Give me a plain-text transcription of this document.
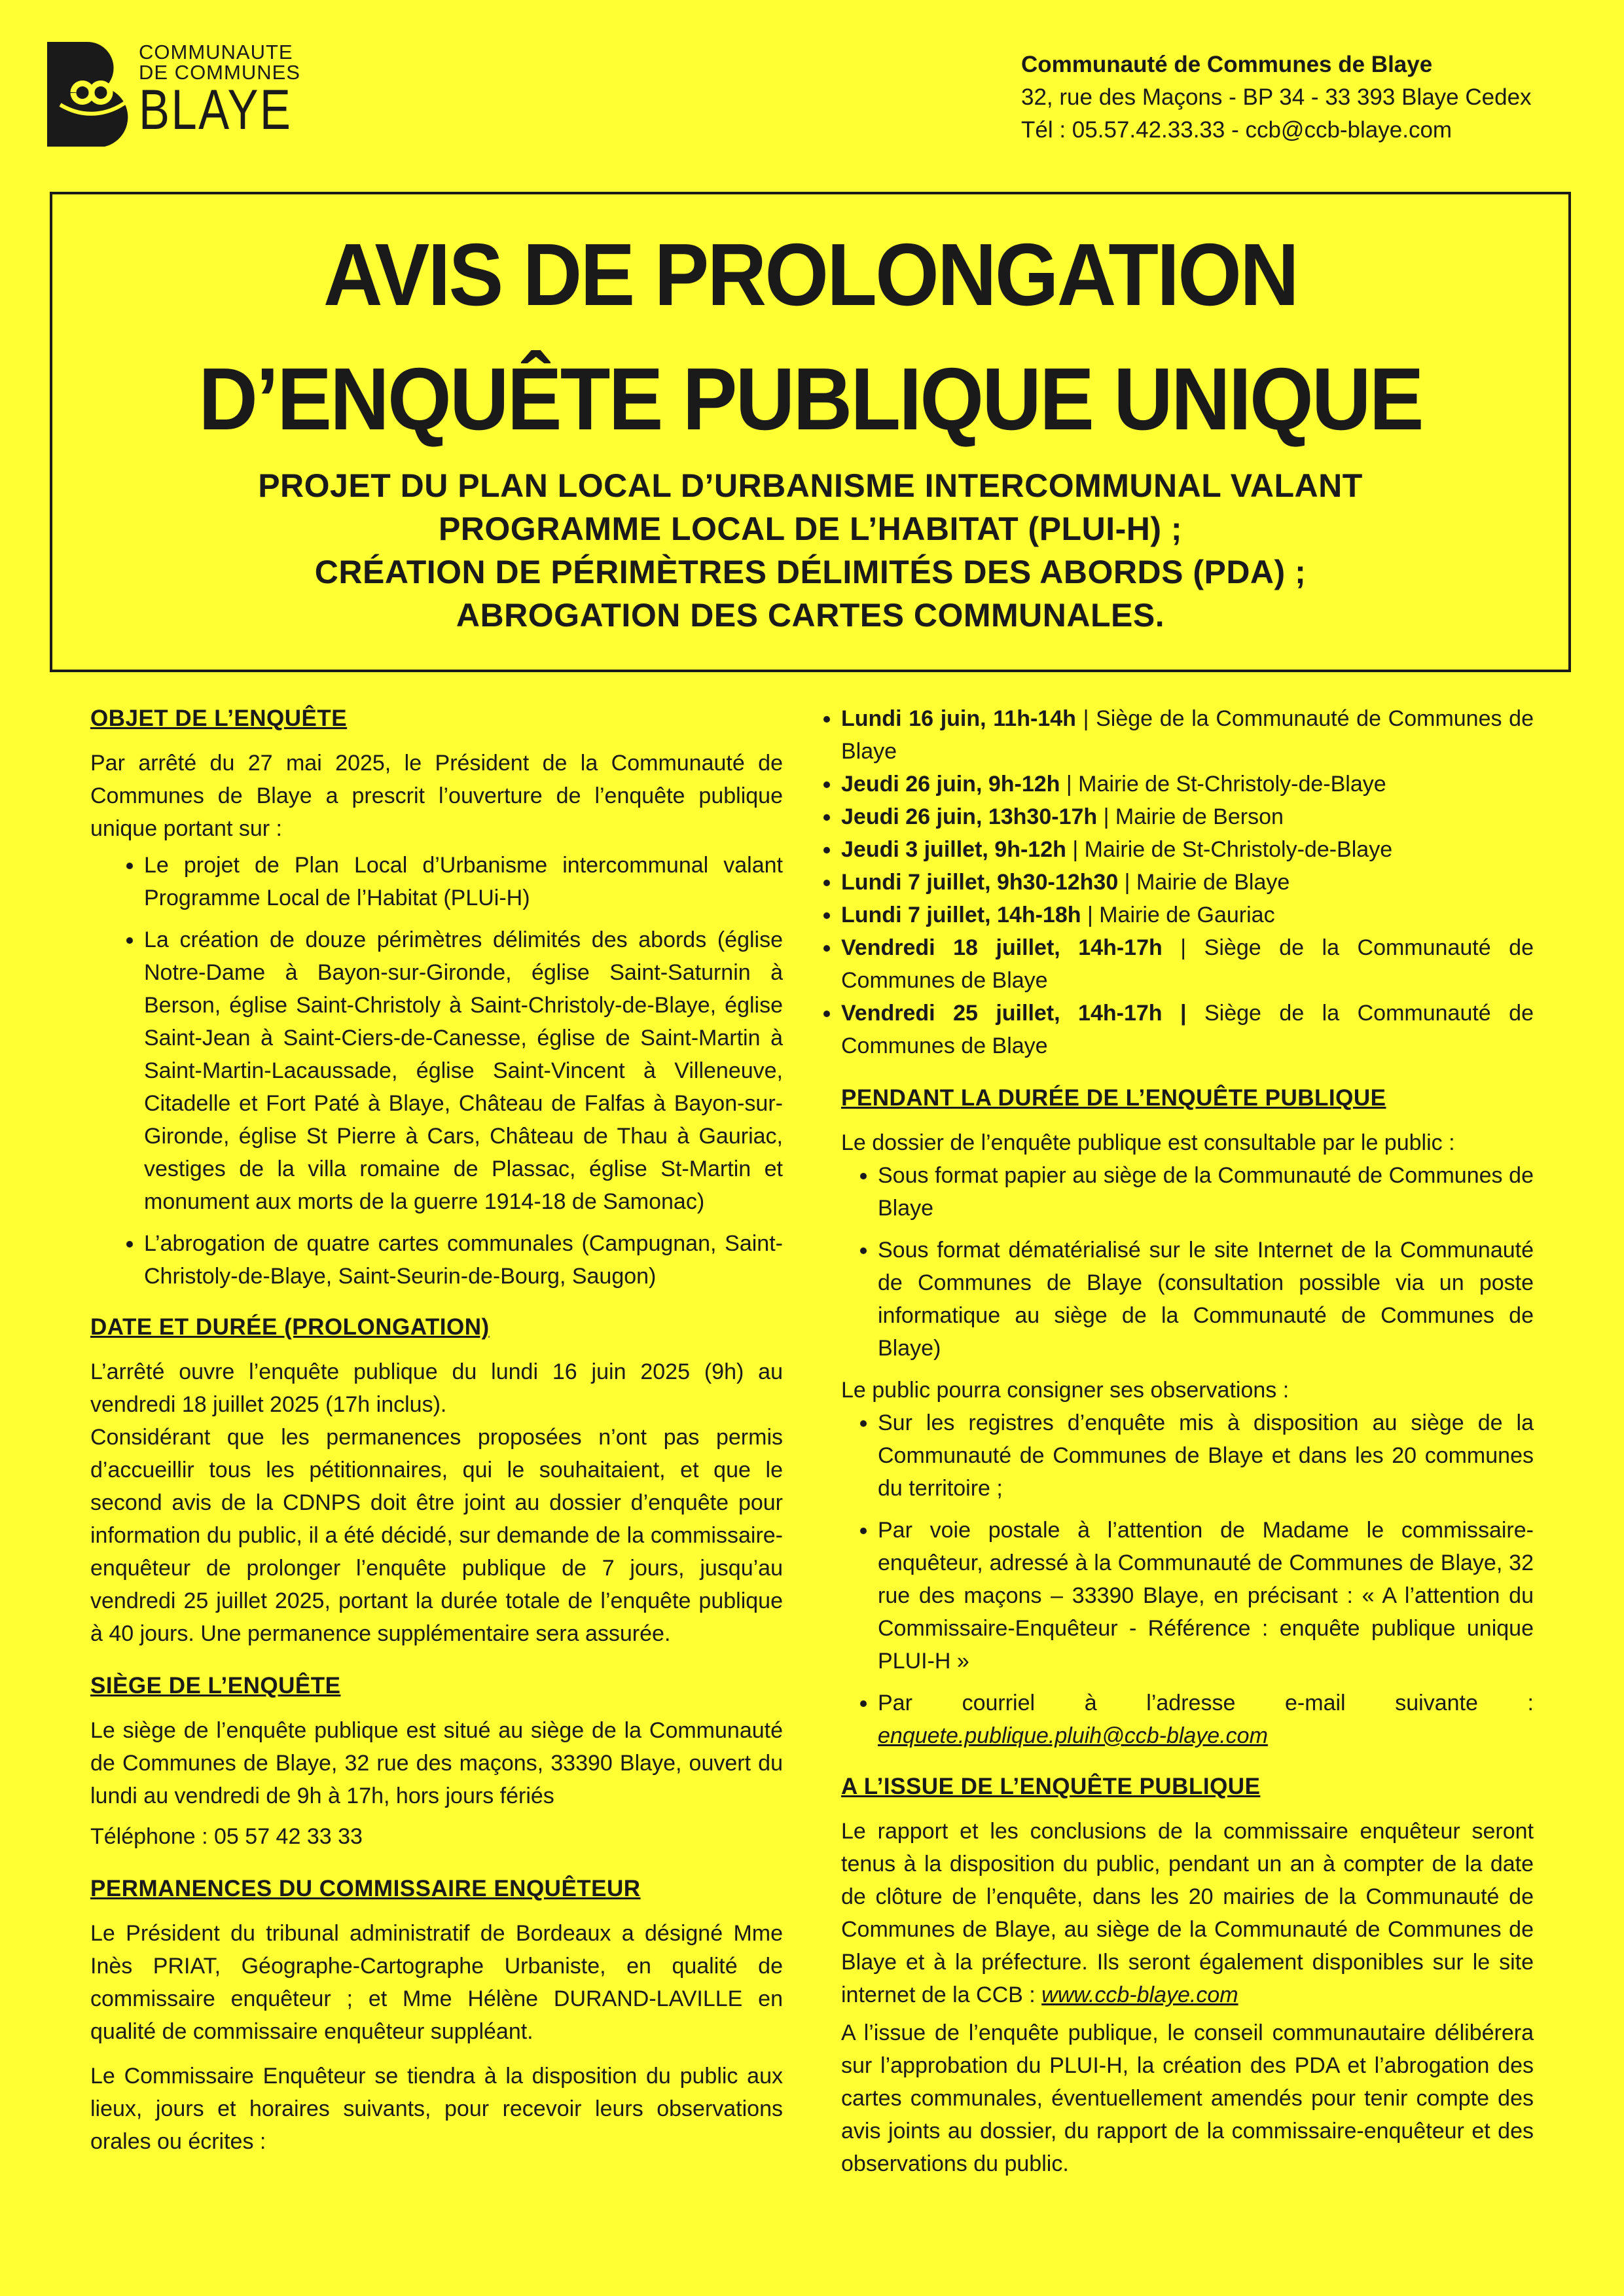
COMMUNAUTE
DE COMMUNES
BLAYE
Communauté de Communes de Blaye
32, rue des Maçons - BP 34 - 33 393 Blaye Cedex
Tél : 05.57.42.33.33 - ccb@ccb-blaye.com
AVIS DE PROLONGATION
D’ENQUÊTE PUBLIQUE UNIQUE
PROJET DU PLAN LOCAL D’URBANISME INTERCOMMUNAL VALANT
PROGRAMME LOCAL DE L’HABITAT (PLUI-H) ;
CRÉATION DE PÉRIMÈTRES DÉLIMITÉS DES ABORDS (PDA) ;
ABROGATION DES CARTES COMMUNALES.
OBJET DE L’ENQUÊTE
Par arrêté du 27 mai 2025, le Président de la Communauté de Communes de Blaye a prescrit l’ouverture de l’enquête publique unique portant sur :
• Le projet de Plan Local d’Urbanisme intercommunal valant Programme Local de l’Habitat (PLUi-H)
• La création de douze périmètres délimités des abords (église Notre-Dame à Bayon-sur-Gironde, église Saint-Saturnin à Berson, église Saint-Christoly à Saint-Christoly-de-Blaye, église Saint-Jean à Saint-Ciers-de-Canesse, église de Saint-Martin à Saint-Martin-Lacaussade, église Saint-Vincent à Villeneuve, Citadelle et Fort Paté à Blaye, Château de Falfas à Bayon-sur-Gironde, église St Pierre à Cars, Château de Thau à Gauriac, vestiges de la villa romaine de Plassac, église St-Martin et monument aux morts de la guerre 1914-18 de Samonac)
• L’abrogation de quatre cartes communales (Campugnan, Saint-Christoly-de-Blaye, Saint-Seurin-de-Bourg, Saugon)
DATE ET DURÉE (PROLONGATION)
L’arrêté ouvre l’enquête publique du lundi 16 juin 2025 (9h) au vendredi 18 juillet 2025 (17h inclus).
Considérant que les permanences proposées n’ont pas permis d’accueillir tous les pétitionnaires, qui le souhaitaient, et que le second avis de la CDNPS doit être joint au dossier d’enquête pour information du public, il a été décidé, sur demande de la commissaire-enquêteur de prolonger l’enquête publique de 7 jours, jusqu’au vendredi 25 juillet 2025, portant la durée totale de l’enquête publique à 40 jours. Une permanence supplémentaire sera assurée.
SIÈGE DE L’ENQUÊTE
Le siège de l’enquête publique est situé au siège de la Communauté de Communes de Blaye, 32 rue des maçons, 33390 Blaye, ouvert du lundi au vendredi de 9h à 17h, hors jours fériés
Téléphone : 05 57 42 33 33
PERMANENCES DU COMMISSAIRE ENQUÊTEUR
Le Président du tribunal administratif de Bordeaux a désigné Mme Inès PRIAT, Géographe-Cartographe Urbaniste, en qualité de commissaire enquêteur ; et Mme Hélène DURAND-LAVILLE en qualité de commissaire enquêteur suppléant.
Le Commissaire Enquêteur se tiendra à la disposition du public aux lieux, jours et horaires suivants, pour recevoir leurs observations orales ou écrites :
• Lundi 16 juin, 11h-14h | Siège de la Communauté de Communes de Blaye
• Jeudi 26 juin, 9h-12h | Mairie de St-Christoly-de-Blaye
• Jeudi 26 juin, 13h30-17h | Mairie de Berson
• Jeudi 3 juillet, 9h-12h | Mairie de St-Christoly-de-Blaye
• Lundi 7 juillet, 9h30-12h30 | Mairie de Blaye
• Lundi 7 juillet, 14h-18h | Mairie de Gauriac
• Vendredi 18 juillet, 14h-17h | Siège de la Communauté de Communes de Blaye
• Vendredi 25 juillet, 14h-17h | Siège de la Communauté de Communes de Blaye
PENDANT LA DURÉE DE L’ENQUÊTE PUBLIQUE
Le dossier de l’enquête publique est consultable par le public :
• Sous format papier au siège de la Communauté de Communes de Blaye
• Sous format dématérialisé sur le site Internet de la Communauté de Communes de Blaye (consultation possible via un poste informatique au siège de la Communauté de Communes de Blaye)
Le public pourra consigner ses observations :
• Sur les registres d’enquête mis à disposition au siège de la Communauté de Communes de Blaye et dans les 20 communes du territoire ;
• Par voie postale à l’attention de Madame le commissaire-enquêteur, adressé à la Communauté de Communes de Blaye, 32 rue des maçons – 33390 Blaye, en précisant : « A l’attention du Commissaire-Enquêteur - Référence : enquête publique unique PLUI-H »
• Par courriel à l’adresse e-mail suivante : enquete.publique.pluih@ccb-blaye.com
A L’ISSUE DE L’ENQUÊTE PUBLIQUE
Le rapport et les conclusions de la commissaire enquêteur seront tenus à la disposition du public, pendant un an à compter de la date de clôture de l’enquête, dans les 20 mairies de la Communauté de Communes de Blaye, au siège de la Communauté de Communes de Blaye et à la préfecture. Ils seront également disponibles sur le site internet de la CCB : www.ccb-blaye.com
A l’issue de l’enquête publique, le conseil communautaire délibérera sur l’approbation du PLUI-H, la création des PDA et l’abrogation des cartes communales, éventuellement amendés pour tenir compte des avis joints au dossier, du rapport de la commissaire-enquêteur et des observations du public.
